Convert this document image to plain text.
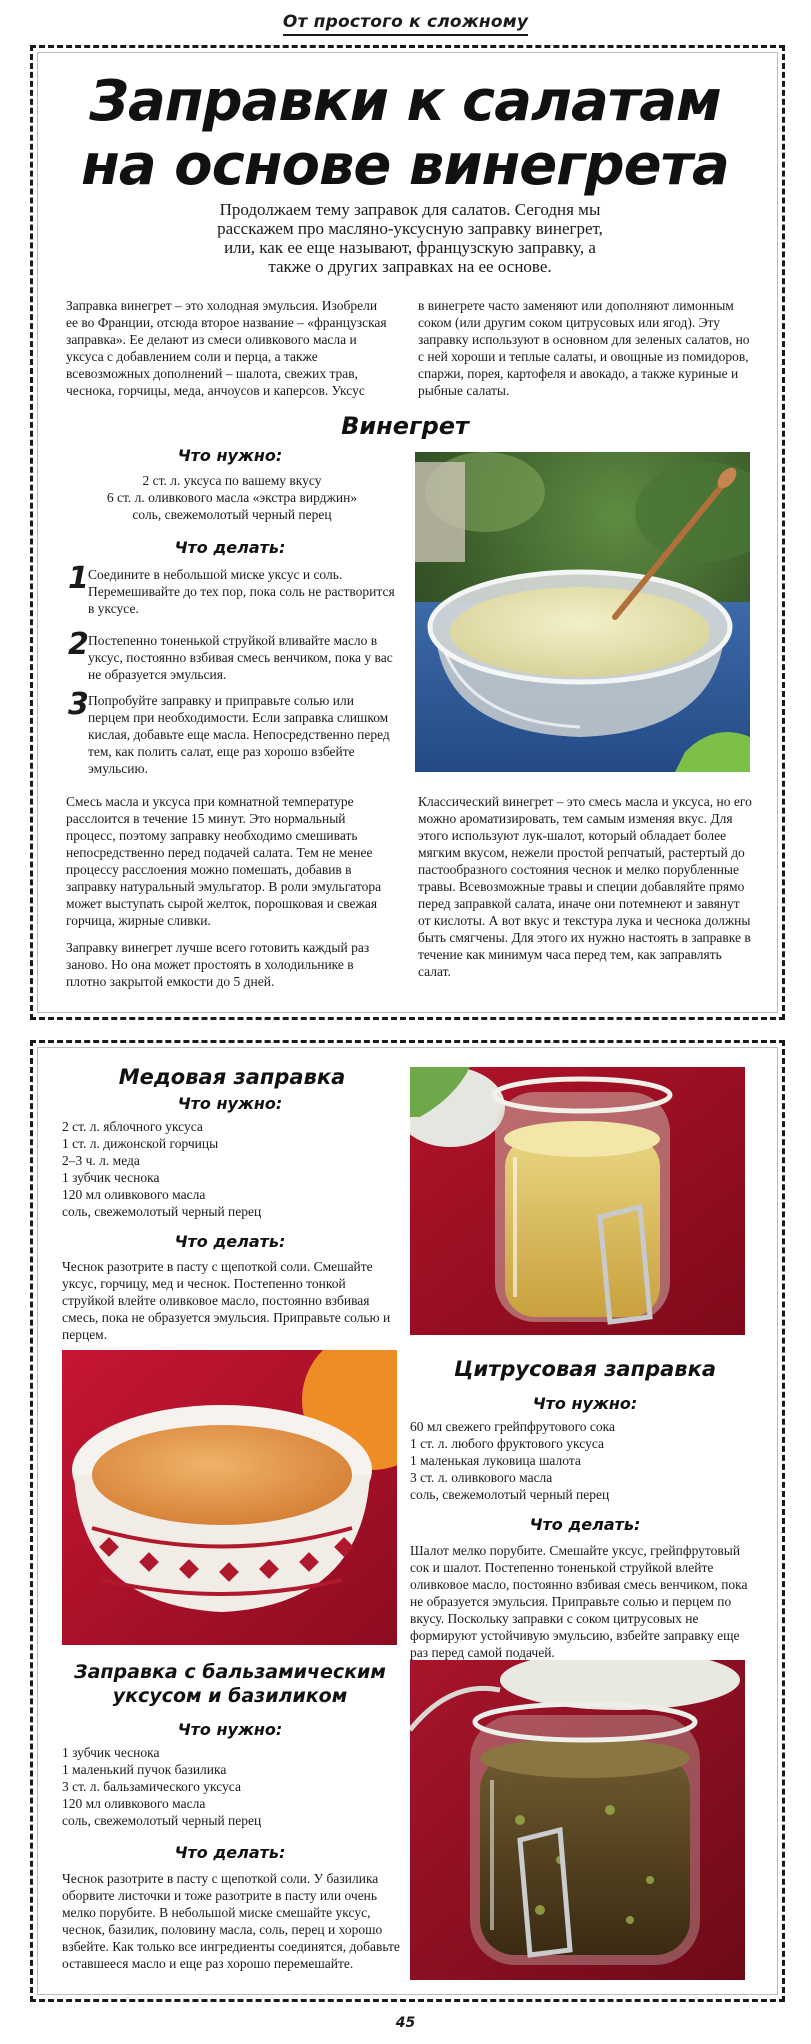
От простого к сложному
Заправки к салатам
на основе винегрета
Продолжаем тему заправок для салатов. Сегодня мы расскажем про масляно-уксусную заправку винегрет, или, как ее еще называют, французскую заправку, а также о других заправках на ее основе.

Заправка винегрет – это холодная эмульсия. Изобрели ее во Франции, отсюда второе название – «французская заправка». Ее делают из смеси оливкового масла и уксуса с добавлением соли и перца, а также всевозможных дополнений – шалота, свежих трав, чеснока, горчицы, меда, анчоусов и каперсов. Уксус

в винегрете часто заменяют или дополняют лимонным соком (или другим соком цитрусовых или ягод). Эту заправку используют в основном для зеленых салатов, но с ней хороши и теплые салаты, и овощные из помидоров, спаржи, порея, картофеля и авокадо, а также куриные и рыбные салаты.

Винегрет
Что нужно:
2 ст. л. уксуса по вашему вкусу
6 ст. л. оливкового масла «экстра вирджин»
соль, свежемолотый черный перец
Что делать:
1 Соедините в небольшой миске уксус и соль. Перемешивайте до тех пор, пока соль не растворится в уксусе.
2 Постепенно тоненькой струйкой вливайте масло в уксус, постоянно взбивая смесь венчиком, пока у вас не образуется эмульсия.
3 Попробуйте заправку и приправьте солью или перцем при необходимости. Если заправка слишком кислая, добавьте еще масла. Непосредственно перед тем, как полить салат, еще раз хорошо взбейте эмульсию.

Смесь масла и уксуса при комнатной температуре расслоится в течение 15 минут. Это нормальный процесс, поэтому заправку необходимо смешивать непосредственно перед подачей салата. Тем не менее процессу расслоения можно помешать, добавив в заправку натуральный эмульгатор. В роли эмульгатора может выступать сырой желток, порошковая и свежая горчица, жирные сливки.

Заправку винегрет лучше всего готовить каждый раз заново. Но она может простоять в холодильнике в плотно закрытой емкости до 5 дней.

Классический винегрет – это смесь масла и уксуса, но его можно ароматизировать, тем самым изменяя вкус. Для этого используют лук-шалот, который обладает более мягким вкусом, нежели простой репчатый, растертый до пастообразного состояния чеснок и мелко порубленные травы. Всевозможные травы и специи добавляйте прямо перед заправкой салата, иначе они потемнеют и завянут от кислоты. А вот вкус и текстура лука и чеснока должны быть смягчены. Для этого их нужно настоять в заправке в течение как минимум часа перед тем, как заправлять салат.

Медовая заправка
Что нужно:
2 ст. л. яблочного уксуса
1 ст. л. дижонской горчицы
2–3 ч. л. меда
1 зубчик чеснока
120 мл оливкового масла
соль, свежемолотый черный перец
Что делать:

Чеснок разотрите в пасту с щепоткой соли. Смешайте уксус, горчицу, мед и чеснок. Постепенно тонкой струйкой влейте оливковое масло, постоянно взбивая смесь, пока не образуется эмульсия. Приправьте солью и перцем.

Цитрусовая заправка
Что нужно:
60 мл свежего грейпфрутового сока
1 ст. л. любого фруктового уксуса
1 маленькая луковица шалота
3 ст. л. оливкового масла
соль, свежемолотый черный перец
Что делать:

Шалот мелко порубите. Смешайте уксус, грейпфрутовый сок и шалот. Постепенно тоненькой струйкой влейте оливковое масло, постоянно взбивая смесь венчиком, пока не образуется эмульсия. Приправьте солью и перцем по вкусу. Поскольку заправки с соком цитрусовых не формируют устойчивую эмульсию, взбейте заправку еще раз перед самой подачей.

Заправка с бальзамическим
уксусом и базиликом
Что нужно:
1 зубчик чеснока
1 маленький пучок базилика
3 ст. л. бальзамического уксуса
120 мл оливкового масла
соль, свежемолотый черный перец
Что делать:

Чеснок разотрите в пасту с щепоткой соли. У базилика оборвите листочки и тоже разотрите в пасту или очень мелко порубите. В небольшой миске смешайте уксус, чеснок, базилик, половину масла, соль, перец и хорошо взбейте. Как только все ингредиенты соединятся, добавьте оставшееся масло и еще раз хорошо перемешайте.

45
